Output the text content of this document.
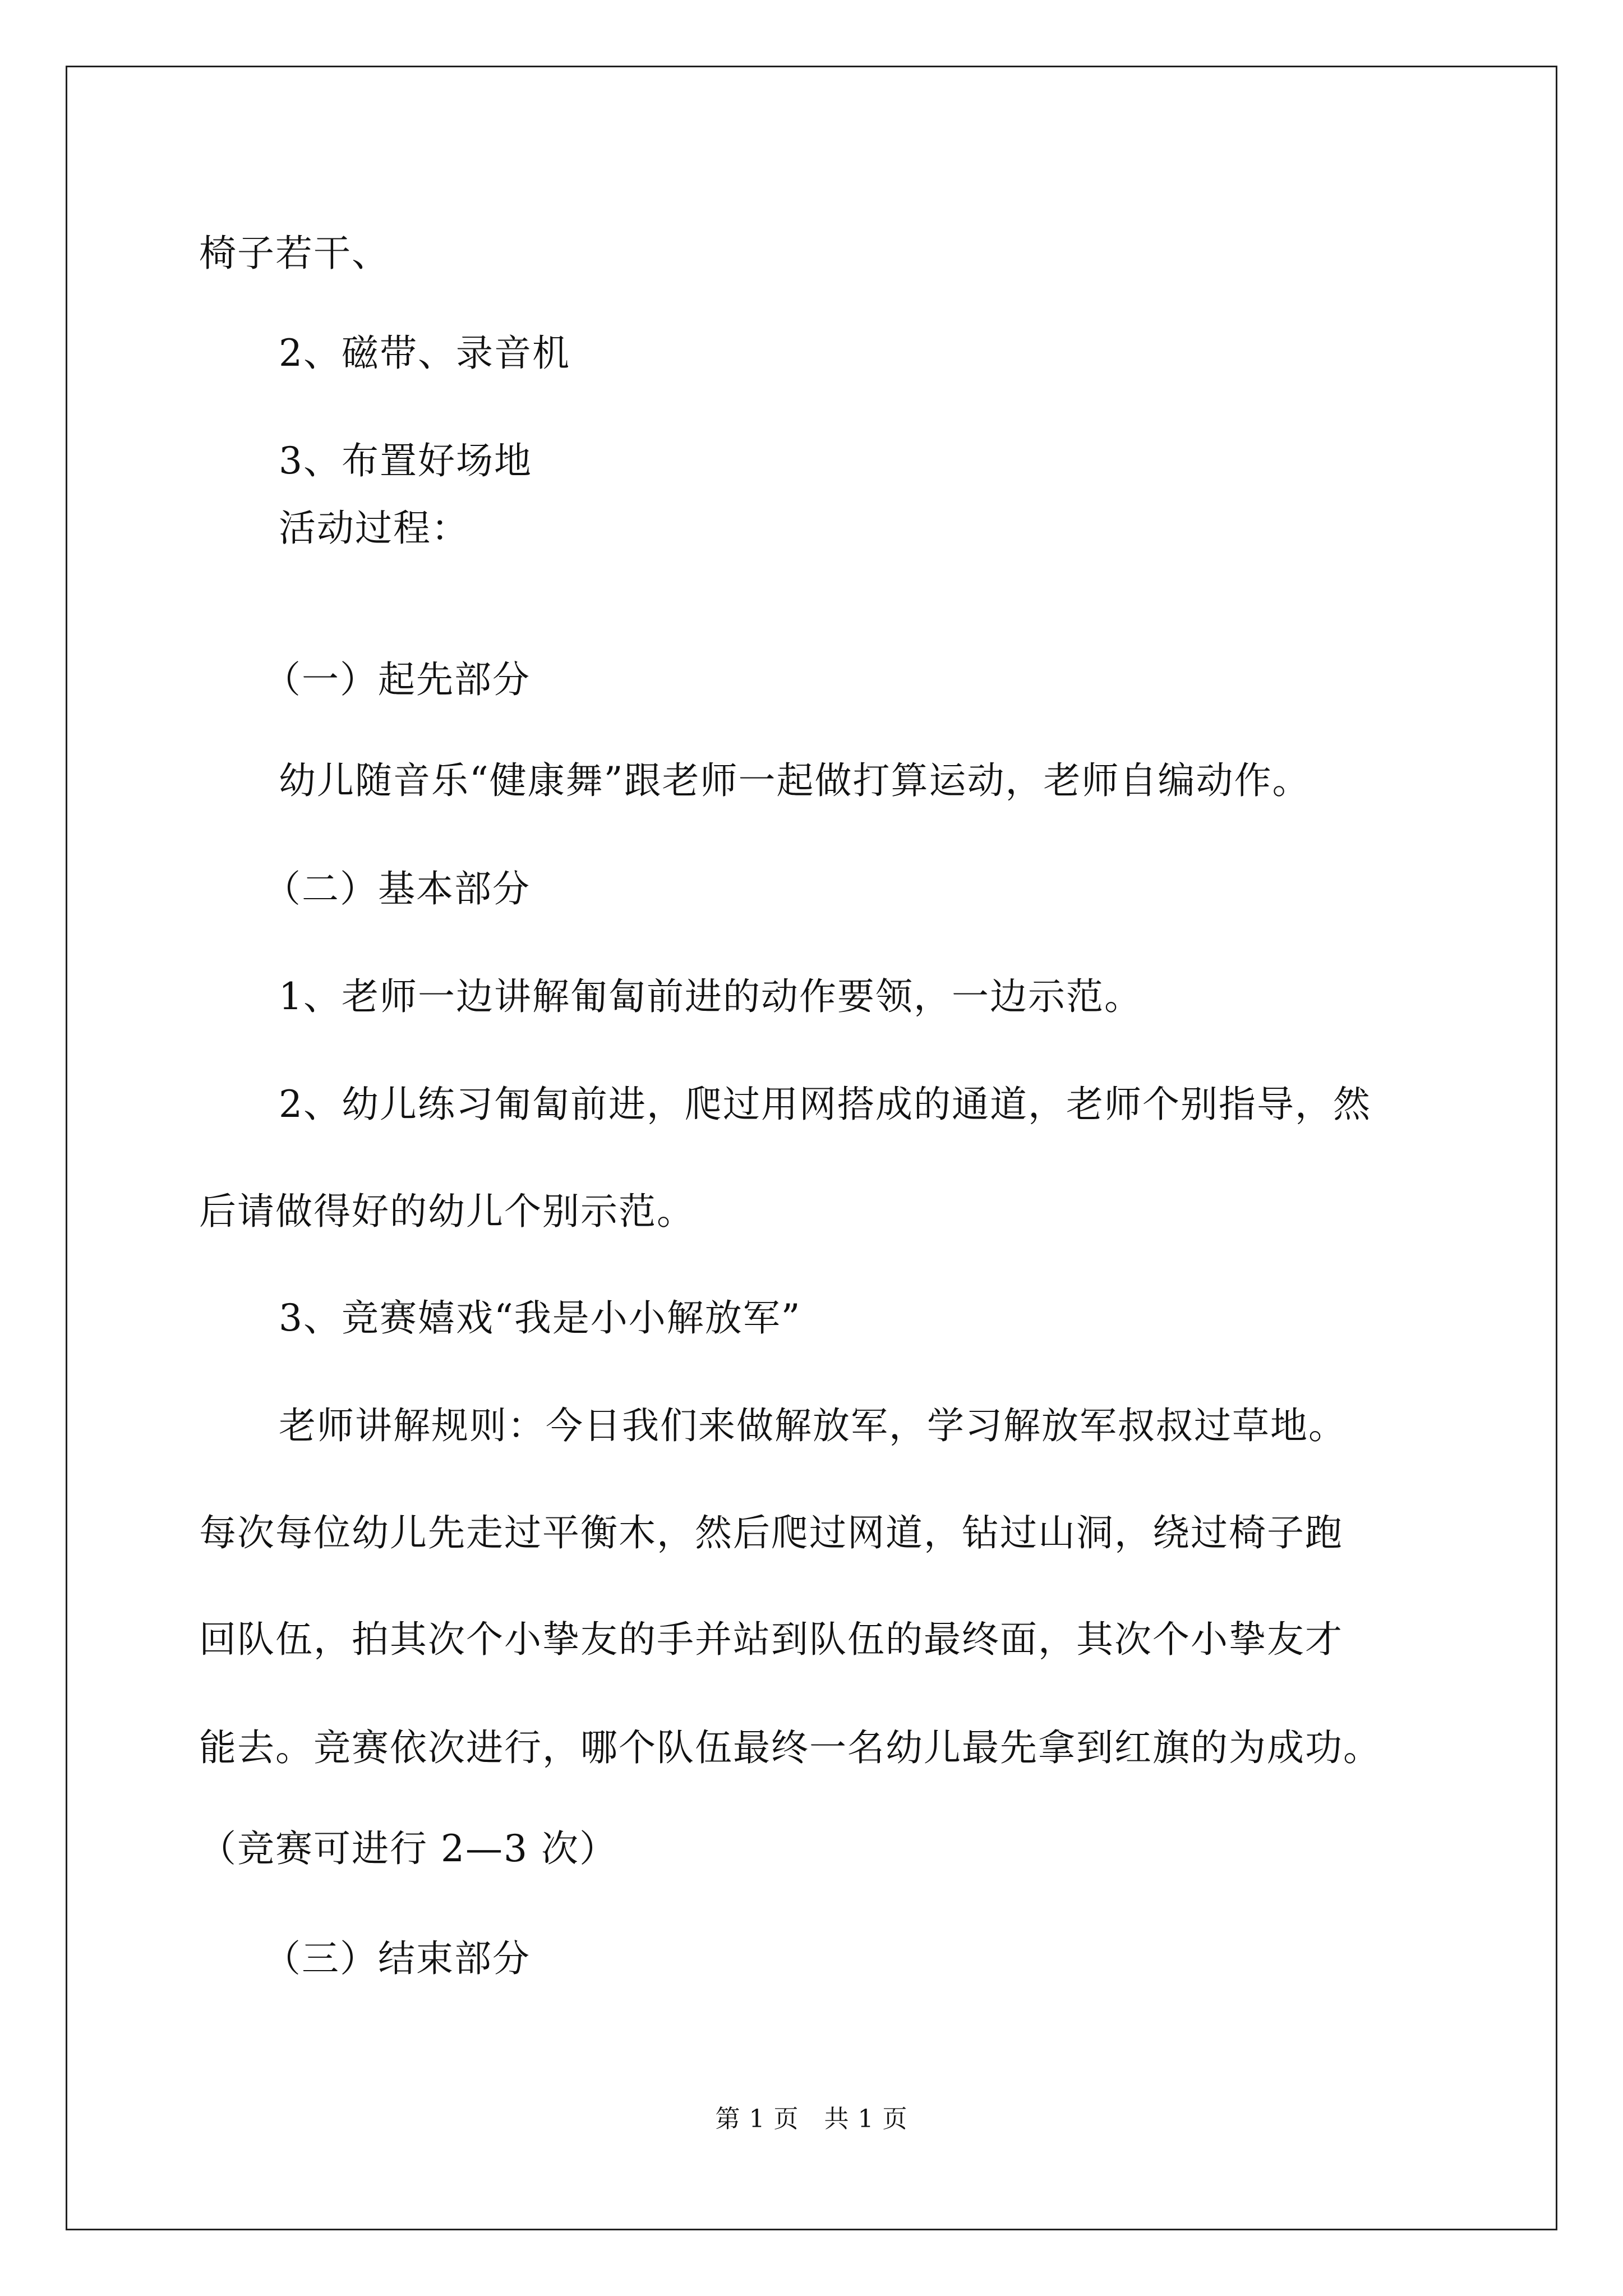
椅子若干、
2、磁带、录音机
3、布置好场地
活动过程：
（一）起先部分
幼儿随音乐“健康舞”跟老师一起做打算运动，老师自编动作。
（二）基本部分
1、老师一边讲解匍匐前进的动作要领，一边示范。
2、幼儿练习匍匐前进，爬过用网搭成的通道，老师个别指导，然
后请做得好的幼儿个别示范。
3、竞赛嬉戏“我是小小解放军”
老师讲解规则：今日我们来做解放军，学习解放军叔叔过草地。
每次每位幼儿先走过平衡木，然后爬过网道，钻过山洞，绕过椅子跑
回队伍，拍其次个小挚友的手并站到队伍的最终面，其次个小挚友才
能去。竞赛依次进行，哪个队伍最终一名幼儿最先拿到红旗的为成功。
（竞赛可进行 2—3 次）
（三）结束部分
第 1 页　共 1 页
